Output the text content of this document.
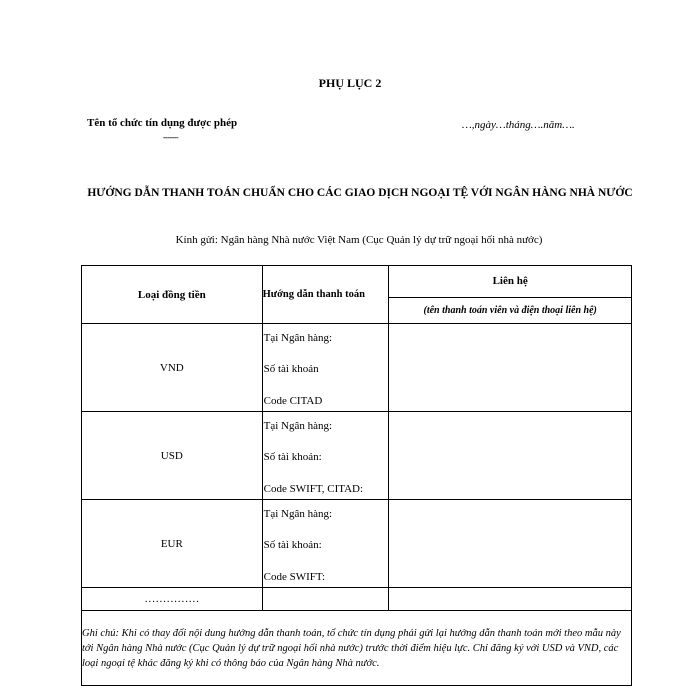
PHỤ LỤC 2
Tên tổ chức tín dụng được phép
-------
…,ngày…tháng….năm….
HƯỚNG DẪN THANH TOÁN CHUẨN CHO CÁC GIAO DỊCH NGOẠI TỆ VỚI NGÂN HÀNG NHÀ NƯỚC
Kính gửi: Ngân hàng Nhà nước Việt Nam (Cục Quản lý dự trữ ngoại hối nhà nước)
Loại đồng tiền	Hướng dẫn thanh toán	Liên hệ
(tên thanh toán viên và điện thoại liên hệ)

VND	Tại Ngân hàng:
Số tài khoản
Code CITAD	

USD	Tại Ngân hàng:
Số tài khoản:
Code SWIFT, CITAD:	

EUR	Tại Ngân hàng:
Số tài khoản:
Code SWIFT:	

……………		
Ghi chú: Khi có thay đổi nội dung hướng dẫn thanh toán, tổ chức tín dụng phải gửi lại hướng dẫn thanh toán mới theo mẫu này tới Ngân hàng Nhà nước (Cục Quản lý dự trữ ngoại hối nhà nước) trước thời điểm hiệu lực. Chỉ đăng ký với USD và VND, các loại ngoại tệ khác đăng ký khi có thông báo của Ngân hàng Nhà nước.		
